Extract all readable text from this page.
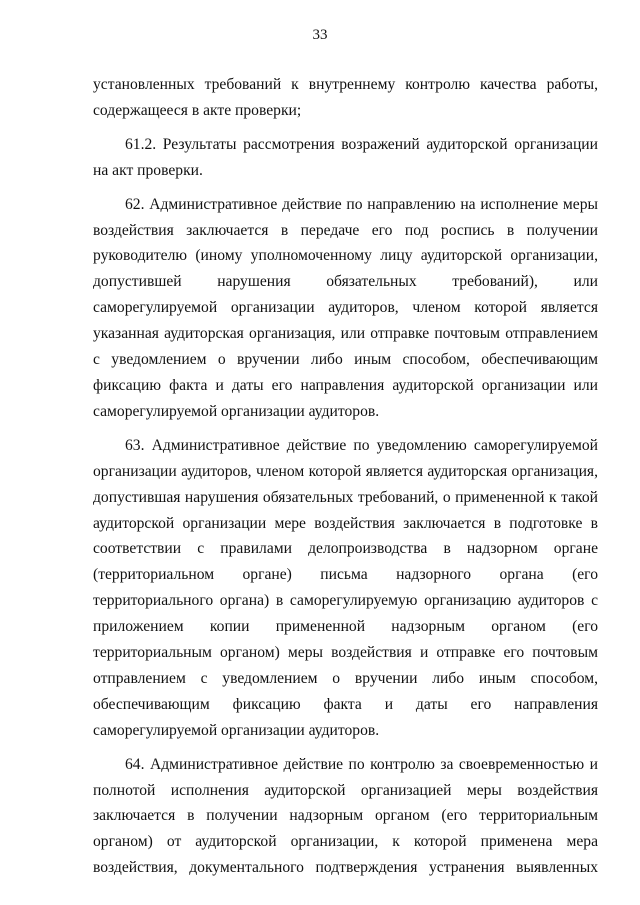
33

установленных требований к внутреннему контролю качества работы, содержащееся в акте проверки;

61.2. Результаты рассмотрения возражений аудиторской организации на акт проверки.

62. Административное действие по направлению на исполнение меры воздействия заключается в передаче его под роспись в получении руководителю (иному уполномоченному лицу аудиторской организации, допустившей нарушения обязательных требований), или саморегулируемой организации аудиторов, членом которой является указанная аудиторская организация, или отправке почтовым отправлением с уведомлением о вручении либо иным способом, обеспечивающим фиксацию факта и даты его направления аудиторской организации или саморегулируемой организации аудиторов.

63. Административное действие по уведомлению саморегулируемой организации аудиторов, членом которой является аудиторская организация, допустившая нарушения обязательных требований, о примененной к такой аудиторской организации мере воздействия заключается в подготовке в соответствии с правилами делопроизводства в надзорном органе (территориальном органе) письма надзорного органа (его территориального органа) в саморегулируемую организацию аудиторов с приложением копии примененной надзорным органом (его территориальным органом) меры воздействия и отправке его почтовым отправлением с уведомлением о вручении либо иным способом, обеспечивающим фиксацию факта и даты его направления саморегулируемой организации аудиторов.

64. Административное действие по контролю за своевременностью и полнотой исполнения аудиторской организацией меры воздействия заключается в получении надзорным органом (его территориальным органом) от аудиторской организации, к которой применена мера воздействия, документального подтверждения устранения выявленных
